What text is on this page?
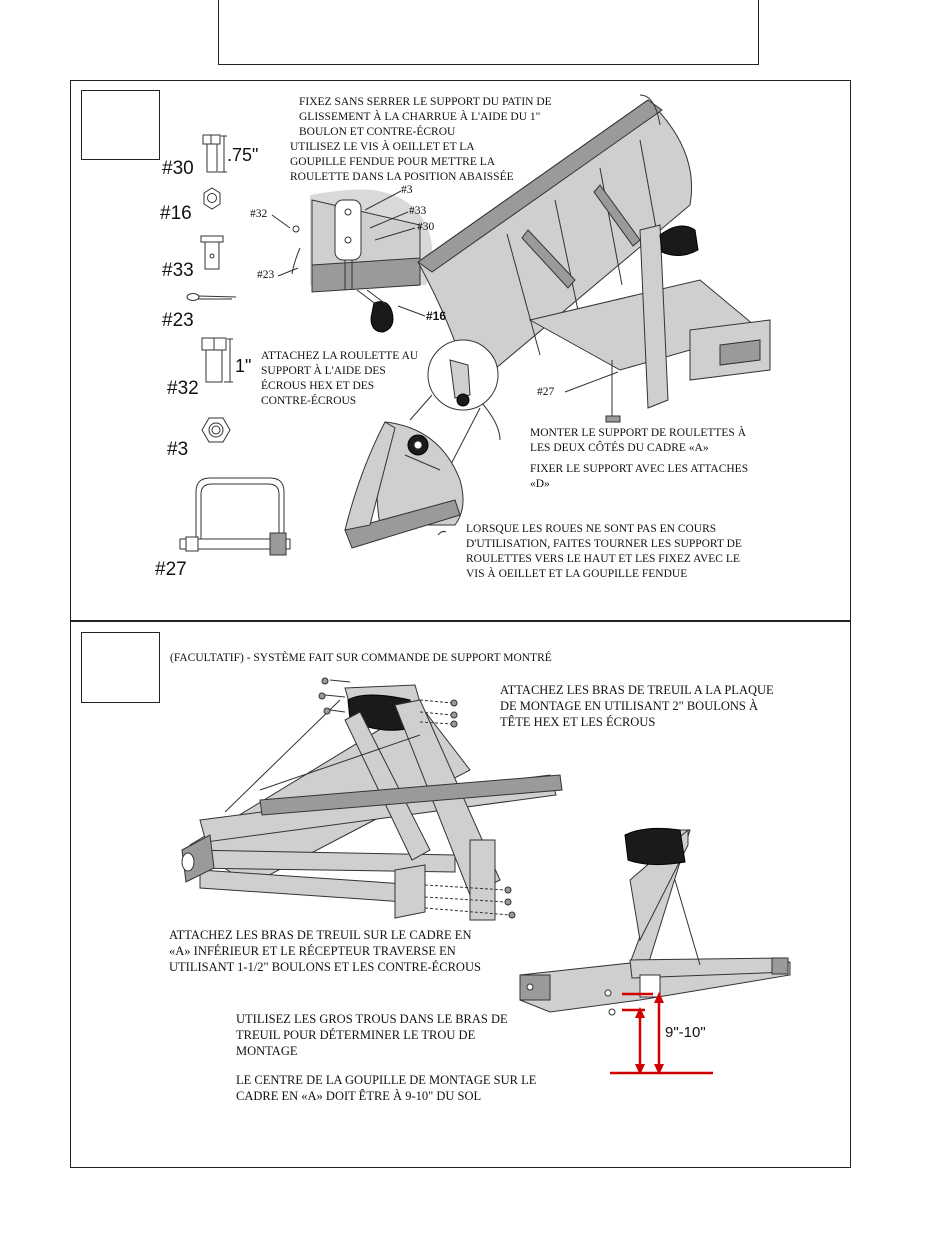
#30
.75"
#16
#33
#23
1"
#32
#3
#27
#3
#32	#33
#30
#23
#16
#27
FIXEZ SANS SERRER LE SUPPORT DU PATIN DE GLISSEMENT À LA CHARRUE À L'AIDE DU 1" BOULON ET CONTRE-ÉCROU
UTILISEZ LE VIS À OEILLET ET LA GOUPILLE FENDUE POUR METTRE LA ROULETTE DANS LA POSITION ABAISSÉE
ATTACHEZ LA ROULETTE AU SUPPORT À L'AIDE DES ÉCROUS HEX ET DES CONTRE-ÉCROUS
MONTER LE SUPPORT DE ROULETTES À LES DEUX CÔTÉS DU CADRE «A»
FIXER LE SUPPORT AVEC LES ATTACHES «D»
LORSQUE LES ROUES NE SONT PAS EN COURS D'UTILISATION, FAITES TOURNER LES SUPPORT DE ROULETTES VERS LE HAUT ET LES FIXEZ AVEC LE VIS À OEILLET ET LA GOUPILLE FENDUE
(FACULTATIF) - SYSTÈME FAIT SUR COMMANDE DE SUPPORT MONTRÉ
ATTACHEZ LES BRAS DE TREUIL A LA PLAQUE DE MONTAGE EN UTILISANT 2" BOULONS À TÊTE HEX ET LES ÉCROUS
ATTACHEZ LES BRAS DE TREUIL SUR LE CADRE EN «A» INFÉRIEUR ET LE RÉCEPTEUR TRAVERSE EN UTILISANT 1-1/2" BOULONS ET LES CONTRE-ÉCROUS
UTILISEZ LES GROS TROUS DANS LE BRAS DE TREUIL POUR DÉTERMINER LE TROU DE MONTAGE
LE CENTRE DE LA GOUPILLE DE MONTAGE SUR LE CADRE EN «A» DOIT ÊTRE À 9-10" DU SOL
9"-10"
